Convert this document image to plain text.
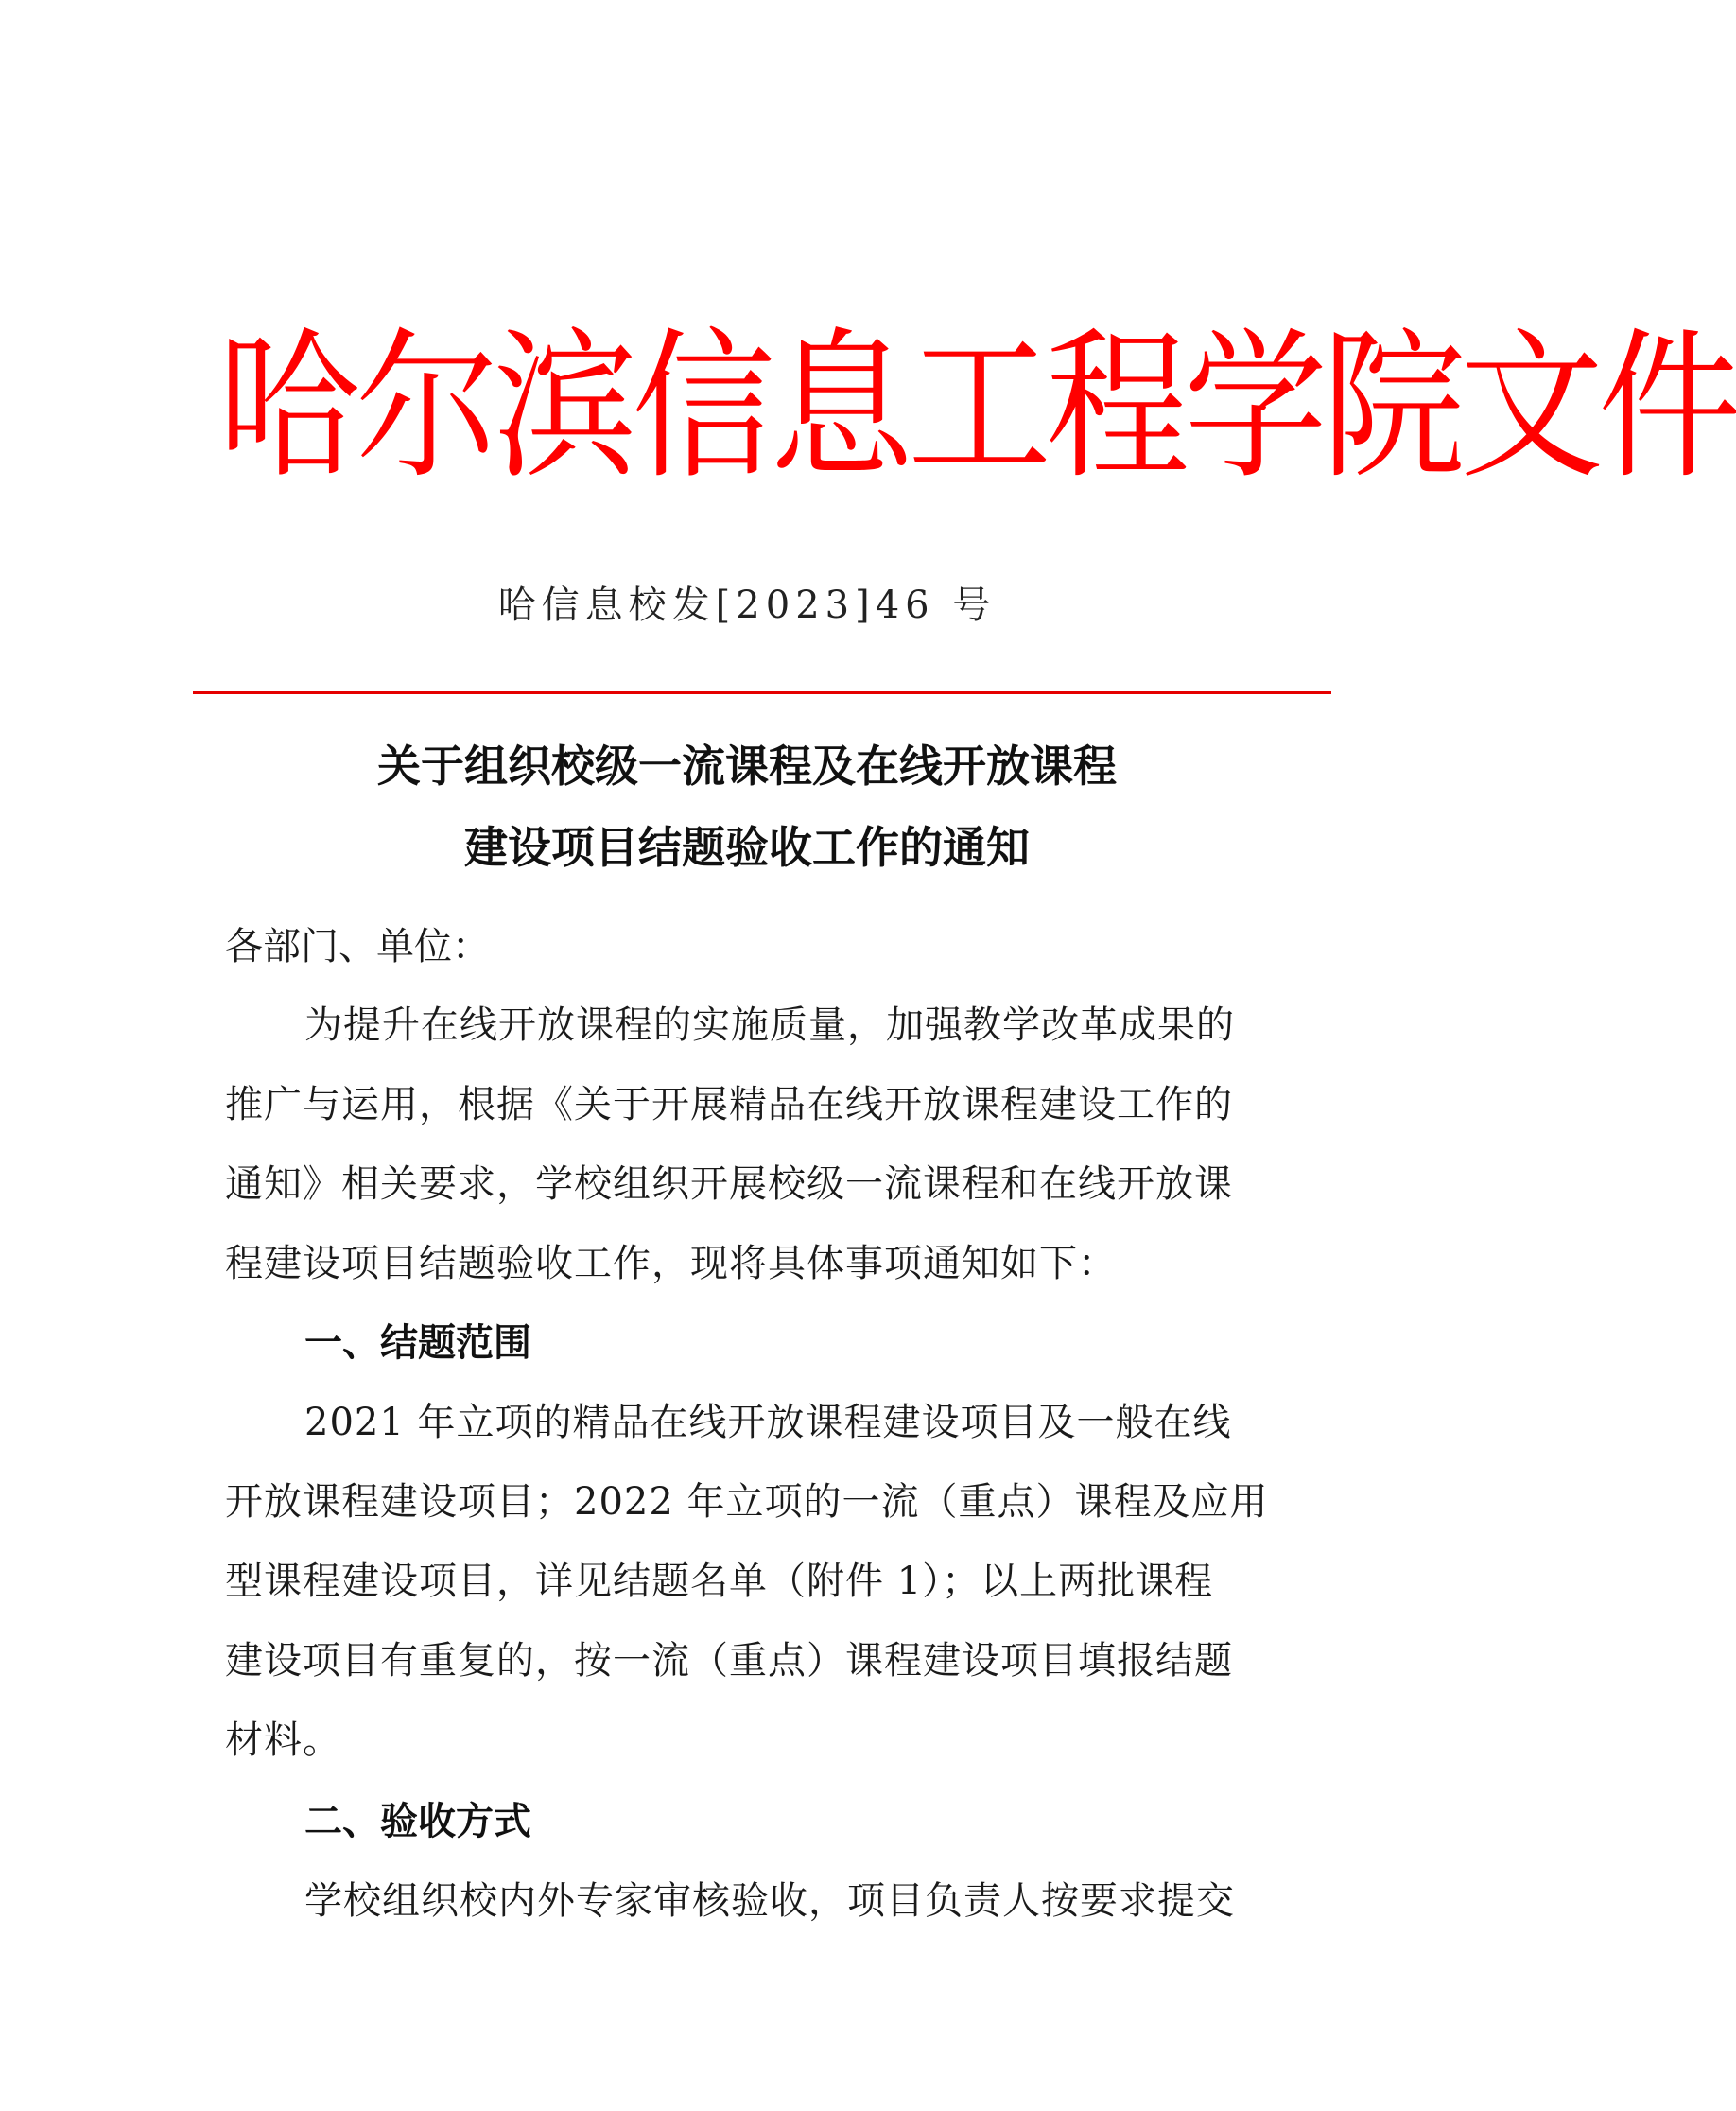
哈尔滨信息工程学院文件
哈信息校发[2023]46 号
关于组织校级一流课程及在线开放课程
建设项目结题验收工作的通知
各部门、单位：
为提升在线开放课程的实施质量，加强教学改革成果的
推广与运用，根据《关于开展精品在线开放课程建设工作的
通知》相关要求，学校组织开展校级一流课程和在线开放课
程建设项目结题验收工作，现将具体事项通知如下：
一、结题范围
2021 年立项的精品在线开放课程建设项目及一般在线
开放课程建设项目；2022 年立项的一流（重点）课程及应用
型课程建设项目，详见结题名单（附件 1）；以上两批课程
建设项目有重复的，按一流（重点）课程建设项目填报结题
材料。
二、验收方式
学校组织校内外专家审核验收，项目负责人按要求提交
